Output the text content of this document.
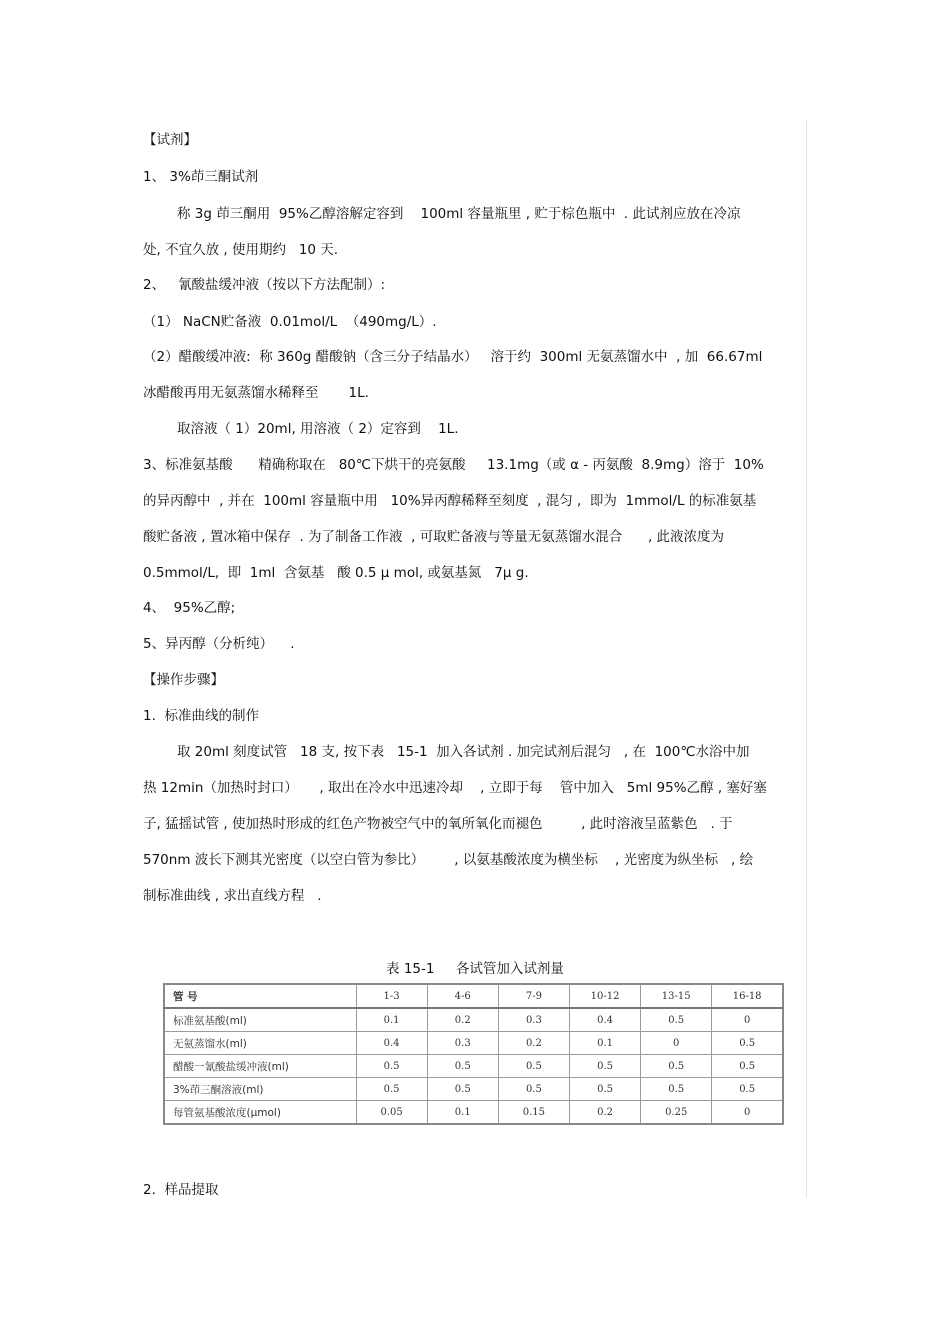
【试剂】
1、 3%茚三酮试剂
称 3g 茚三酮用  95%乙醇溶解定容到    100ml 容量瓶里 , 贮于棕色瓶中  . 此试剂应放在冷凉
处, 不宜久放 , 使用期约   10 天.
2、   氰酸盐缓冲液（按以下方法配制）:
（1） NaCN贮备液  0.01mol/L  （490mg/L）.
（2）醋酸缓冲液:  称 360g 醋酸钠（含三分子结晶水）   溶于约  300ml 无氨蒸馏水中  , 加  66.67ml
冰醋酸再用无氨蒸馏水稀释至       1L.
取溶液（ 1）20ml, 用溶液（ 2）定容到    1L.
3、标准氨基酸      精确称取在   80℃下烘干的亮氨酸     13.1mg（或 α - 丙氨酸  8.9mg）溶于  10%
的异丙醇中  , 并在  100ml 容量瓶中用   10%异丙醇稀释至刻度  , 混匀 ,  即为  1mmol/L 的标准氨基
酸贮备液 , 置冰箱中保存  . 为了制备工作液  , 可取贮备液与等量无氨蒸馏水混合      , 此液浓度为
0.5mmol/L,  即  1ml  含氨基   酸 0.5 μ mol, 或氨基氮   7μ g.
4、  95%乙醇;
5、异丙醇（分析纯）    .
【操作步骤】
1.  标准曲线的制作
取 20ml 刻度试管   18 支, 按下表   15-1  加入各试剂 . 加完试剂后混匀   , 在  100℃水浴中加
热 12min（加热时封口）     , 取出在冷水中迅速冷却    , 立即于每    管中加入   5ml 95%乙醇 , 塞好塞
子, 猛摇试管 , 使加热时形成的红色产物被空气中的氧所氧化而褪色         , 此时溶液呈蓝紫色   . 于
570nm 波长下测其光密度（以空白管为参比）       , 以氨基酸浓度为横坐标    , 光密度为纵坐标   , 绘
制标准曲线 , 求出直线方程   .
表 15-1     各试管加入试剂量
管 号	1-3	4-6	7-9	10-12	13-15	16-18
标准氨基酸(ml)	0.1	0.2	0.3	0.4	0.5	0
无氨蒸馏水(ml)	0.4	0.3	0.2	0.1	0	0.5
醋酸一氰酸盐缓冲液(ml)	0.5	0.5	0.5	0.5	0.5	0.5
3%茚三酮溶液(ml)	0.5	0.5	0.5	0.5	0.5	0.5
每管氨基酸浓度(μmol)	0.05	0.1	0.15	0.2	0.25	0
2.  样品提取
